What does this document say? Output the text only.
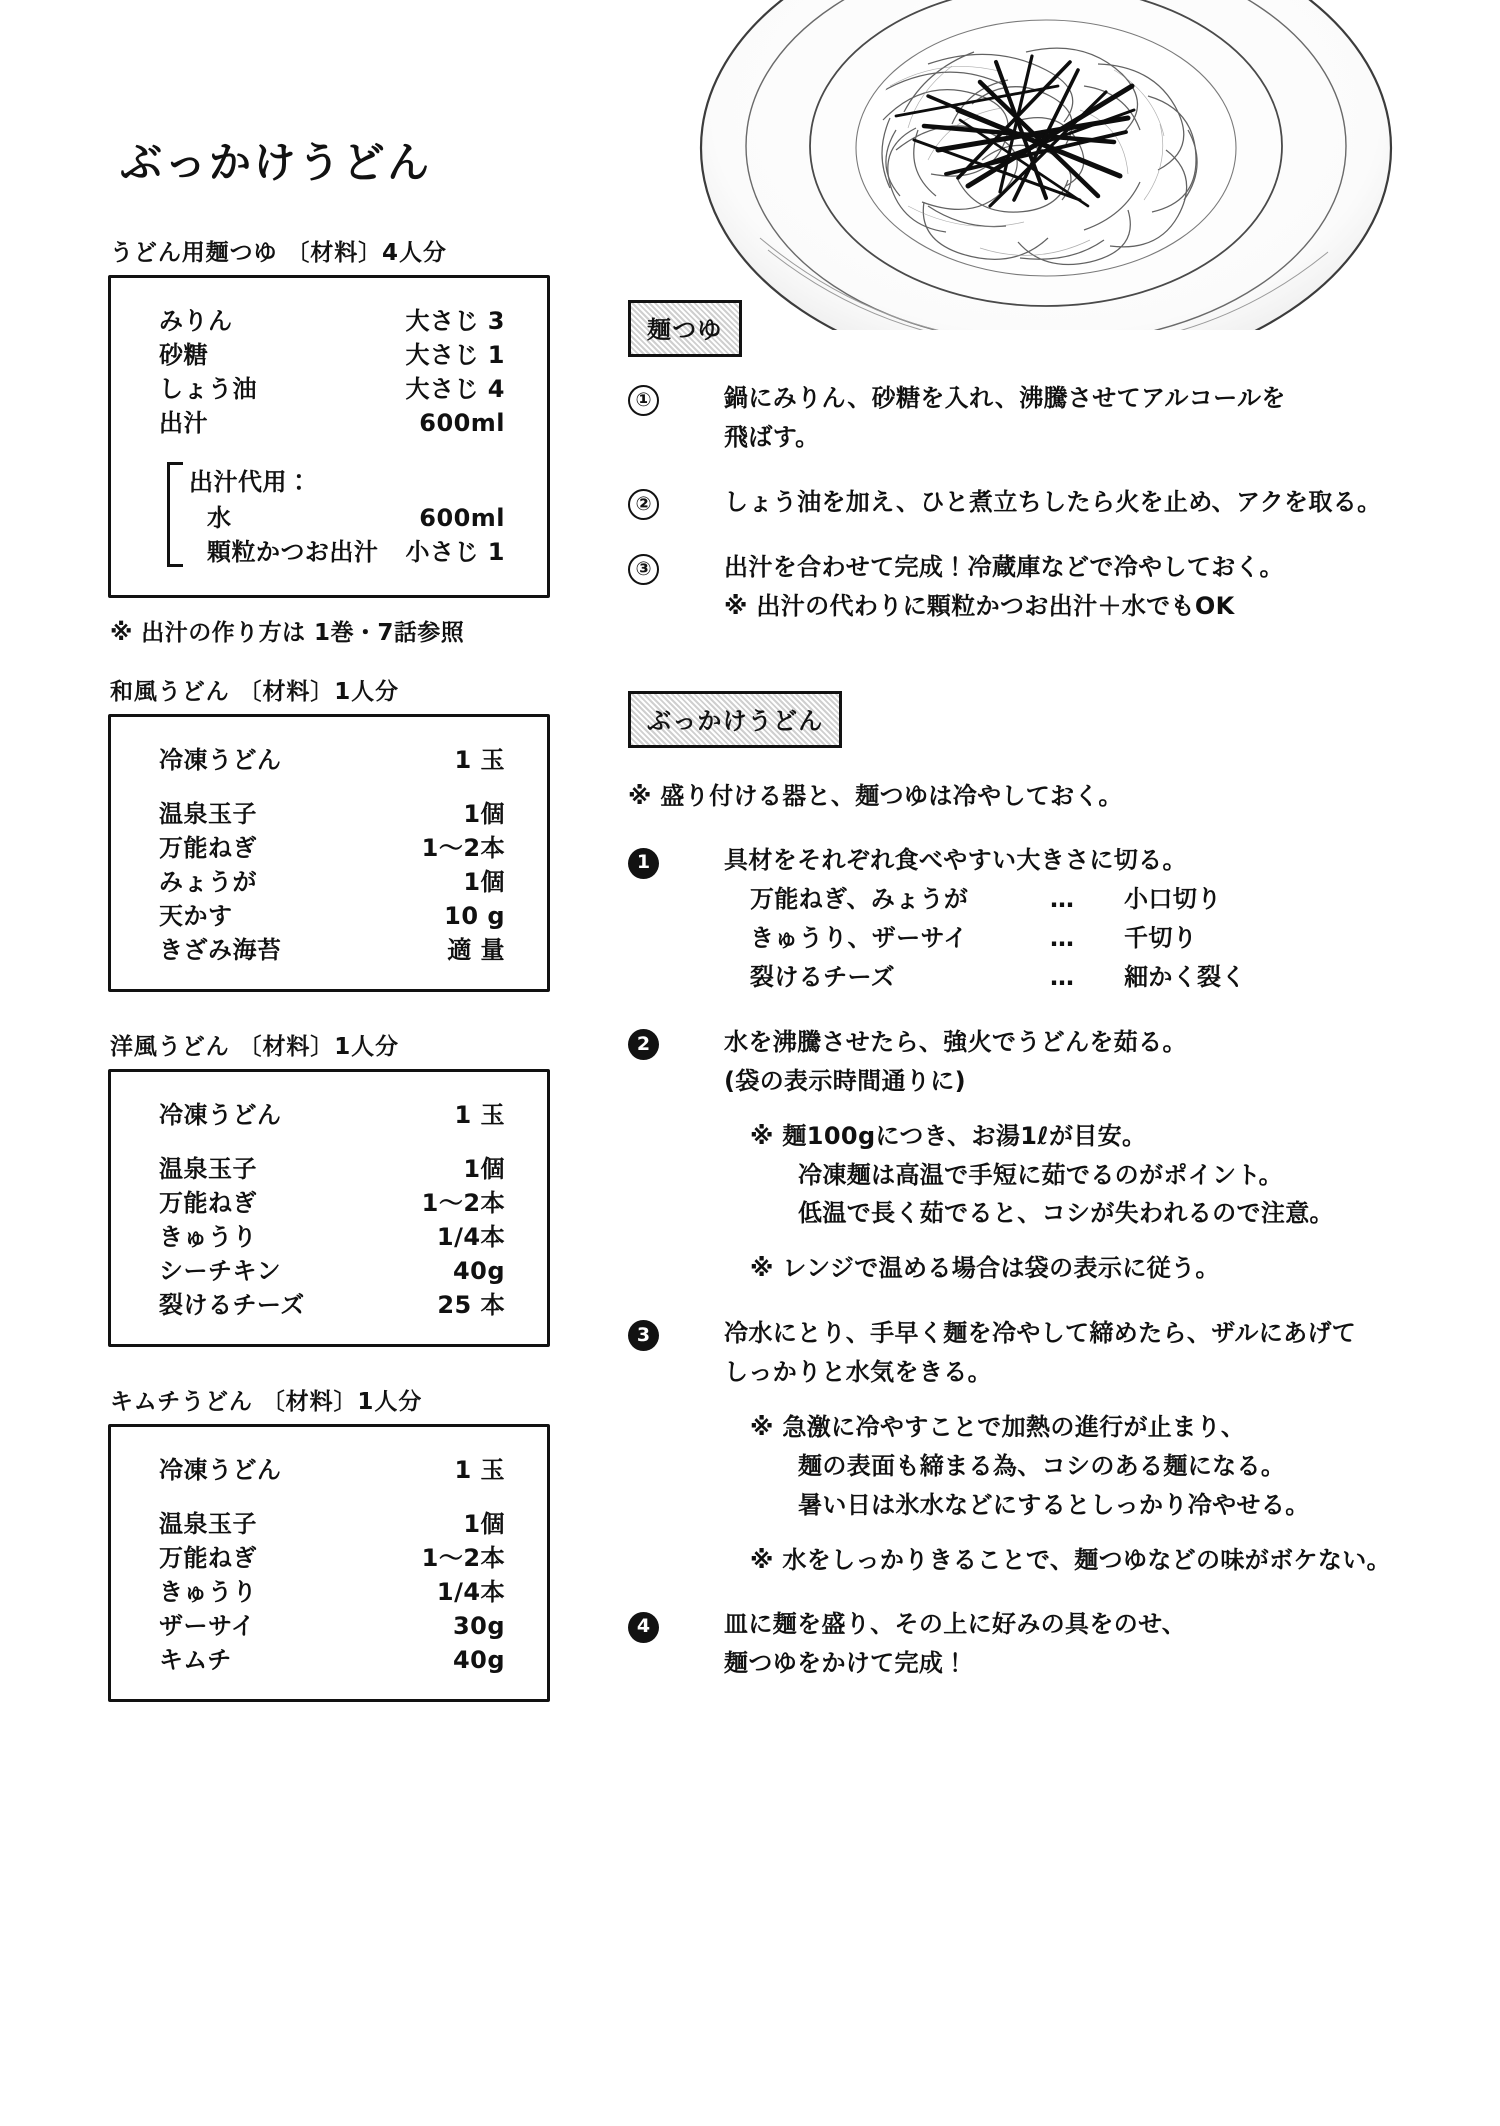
ぶっかけうどん
うどん用麺つゆ 〔材料〕4人分
みりん	大さじ 3
砂糖	大さじ 1
しょう油	大さじ 4
出汁	600ml
出汁代用：
水	600ml
顆粒かつお出汁 小さじ 1
※ 出汁の作り方は 1巻・7話参照
和風うどん 〔材料〕1人分
冷凍うどん	1 玉
温泉玉子	1個
万能ねぎ	1〜2本
みょうが	1個
天かす	10 g
きざみ海苔	適 量
洋風うどん 〔材料〕1人分
冷凍うどん	1 玉
温泉玉子	1個
万能ねぎ	1〜2本
きゅうり	1/4本
シーチキン	40g
裂けるチーズ	25 本
キムチうどん 〔材料〕1人分
冷凍うどん	1 玉
温泉玉子	1個
万能ねぎ	1〜2本
きゅうり	1/4本
ザーサイ	30g
キムチ	40g
麺つゆ
①	鍋にみりん、砂糖を入れ、沸騰させてアルコールを

飛ばす。

②	しょう油を加え、ひと煮立ちしたら火を止め、アクを取る。

③	出汁を合わせて完成！冷蔵庫などで冷やしておく。

※ 出汁の代わりに顆粒かつお出汁＋水でもOK

ぶっかけうどん
※ 盛り付ける器と、麺つゆは冷やしておく。
1	具材をそれぞれ食べやすい大きさに切る。

万能ねぎ、みょうが	…	小口切り
きゅうり、ザーサイ	…	千切り
裂けるチーズ	…	細かく裂く
2	水を沸騰させたら、強火でうどんを茹る。

(袋の表示時間通りに)

※ 麺100gにつき、お湯1ℓが目安。

冷凍麺は高温で手短に茹でるのがポイント。

低温で長く茹でると、コシが失われるので注意。

※ レンジで温める場合は袋の表示に従う。

3	冷水にとり、手早く麺を冷やして締めたら、ザルにあげて

しっかりと水気をきる。

※ 急激に冷やすことで加熱の進行が止まり、

麺の表面も締まる為、コシのある麺になる。

暑い日は氷水などにするとしっかり冷やせる。

※ 水をしっかりきることで、麺つゆなどの味がボケない。

4	皿に麺を盛り、その上に好みの具をのせ、

麺つゆをかけて完成！
